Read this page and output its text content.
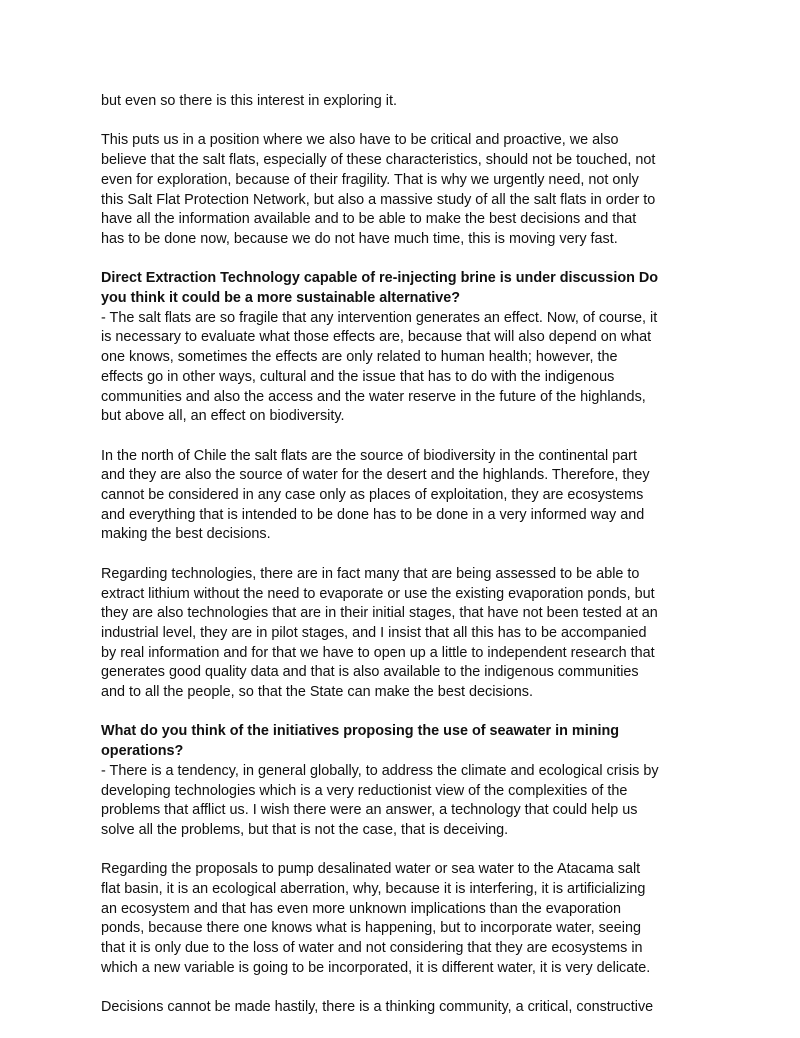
but even so there is this interest in exploring it.

This puts us in a position where we also have to be critical and proactive, we also
believe that the salt flats, especially of these characteristics, should not be touched, not
even for exploration, because of their fragility. That is why we urgently need, not only
this Salt Flat Protection Network, but also a massive study of all the salt flats in order to
have all the information available and to be able to make the best decisions and that
has to be done now, because we do not have much time, this is moving very fast.

Direct Extraction Technology capable of re-injecting brine is under discussion Do
you think it could be a more sustainable alternative?

- The salt flats are so fragile that any intervention generates an effect. Now, of course, it
is necessary to evaluate what those effects are, because that will also depend on what
one knows, sometimes the effects are only related to human health; however, the
effects go in other ways, cultural and the issue that has to do with the indigenous
communities and also the access and the water reserve in the future of the highlands,
but above all, an effect on biodiversity.

In the north of Chile the salt flats are the source of biodiversity in the continental part
and they are also the source of water for the desert and the highlands. Therefore, they
cannot be considered in any case only as places of exploitation, they are ecosystems
and everything that is intended to be done has to be done in a very informed way and
making the best decisions.

Regarding technologies, there are in fact many that are being assessed to be able to
extract lithium without the need to evaporate or use the existing evaporation ponds, but
they are also technologies that are in their initial stages, that have not been tested at an
industrial level, they are in pilot stages, and I insist that all this has to be accompanied
by real information and for that we have to open up a little to independent research that
generates good quality data and that is also available to the indigenous communities
and to all the people, so that the State can make the best decisions.

What do you think of the initiatives proposing the use of seawater in mining
operations?

- There is a tendency, in general globally, to address the climate and ecological crisis by
developing technologies which is a very reductionist view of the complexities of the
problems that afflict us. I wish there were an answer, a technology that could help us
solve all the problems, but that is not the case, that is deceiving.

Regarding the proposals to pump desalinated water or sea water to the Atacama salt
flat basin, it is an ecological aberration, why, because it is interfering, it is artificializing
an ecosystem and that has even more unknown implications than the evaporation
ponds, because there one knows what is happening, but to incorporate water, seeing
that it is only due to the loss of water and not considering that they are ecosystems in
which a new variable is going to be incorporated, it is different water, it is very delicate.

Decisions cannot be made hastily, there is a thinking community, a critical, constructive
